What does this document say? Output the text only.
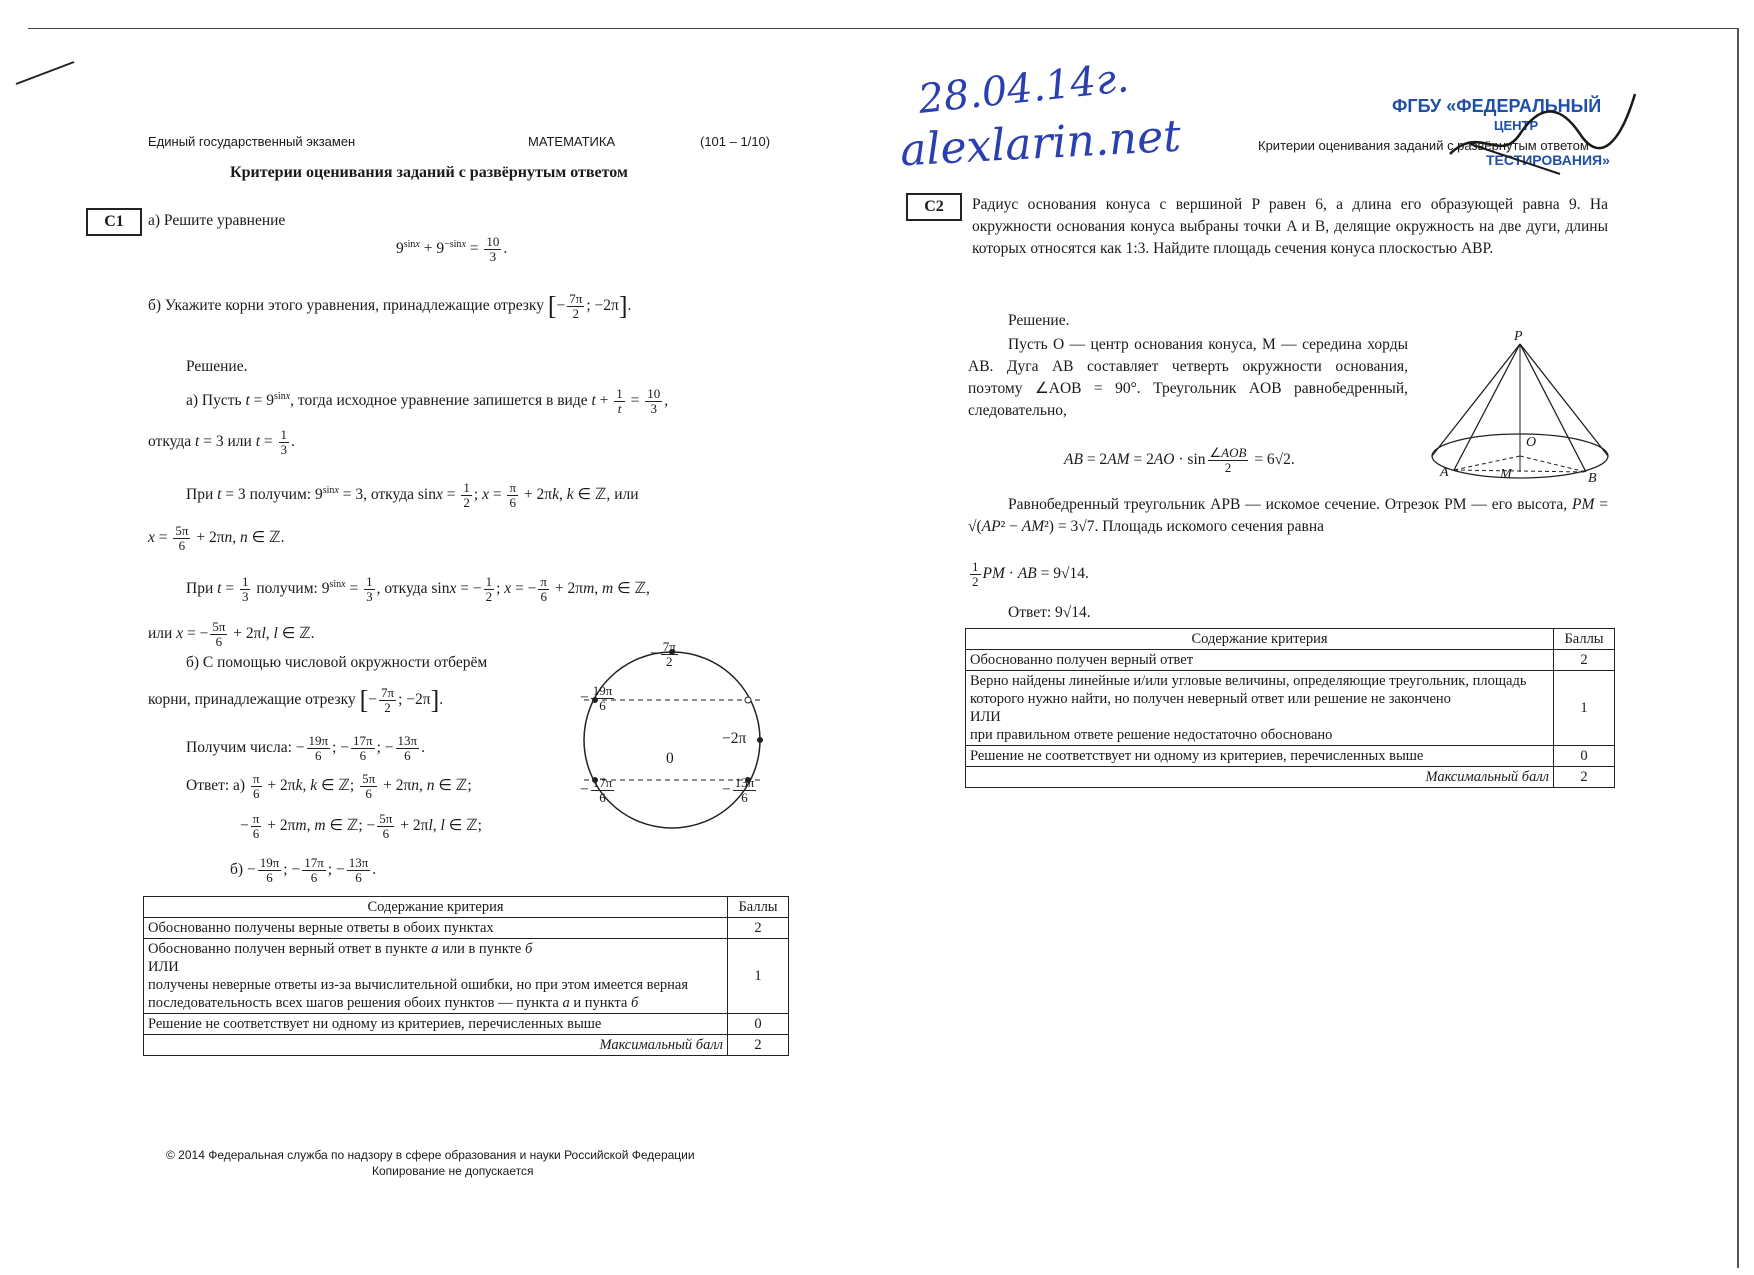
Единый государственный экзамен	МАТЕМАТИКА	(101 – 1/10)
Критерии оценивания заданий с развёрнутым ответом
С1	а) Решите уравнение
$9^{sinx} + 9^{-sinx} = \frac{10}{3}$ .
б) Укажите корни этого уравнения, принадлежащие отрезку [− $\frac{7\pi}{2}$ ; −2π].
Решение.
а) Пусть $t = 9^{sinx}$, тогда исходное уравнение запишется в виде $t + \frac{1}{t} = \frac{10}{3}$ ,
откуда t = 3 или $t = \frac{1}{3}$ .
При t = 3 получим: $9^{sinx} = 3$, откуда $\sin x = \frac{1}{2}$ ; $x = \frac{\pi}{6} + 2\pi k$, k ∈ ℤ, или
$x = \frac{5\pi}{6} + 2\pi n$, n ∈ ℤ.
При $t = \frac{1}{3}$ получим: $9^{sinx} = \frac{1}{3}$ , откуда sinx = − $\frac{1}{2}$ ; x = − $\frac{\pi}{6} + 2\pi m$, m ∈ ℤ,
или x = − $\frac{5\pi}{6} + 2\pi l$, l ∈ ℤ.
б) С помощью числовой окружности отберём
корни, принадлежащие отрезку [− $\frac{7\pi}{2}$ ; −2π].
Получим числа: − $\frac{19\pi}{6}$ ; − $\frac{17\pi}{6}$ ; − $\frac{13\pi}{6}$ .
Ответ: $а) \frac{\pi}{6} + 2\pi k$, k ∈ ℤ; $\frac{5\pi}{6} + 2\pi n$, n ∈ ℤ;
− $\frac{\pi}{6} + 2\pi m$, m ∈ ℤ; − $\frac{5\pi}{6} + 2\pi l$, l ∈ ℤ;
$б) - \frac{19\pi}{6}$ ; − $\frac{17\pi}{6}$ ; − $\frac{13\pi}{6}$ .
− $\frac{7\pi}{2}$
− $\frac{19\pi}{6}$
−2π
0
− $\frac{17\pi}{6}$	− $\frac{13\pi}{6}$
Содержание критерия	Баллы
Обоснованно получены верные ответы в обоих пунктах	2
Обоснованно получен верный ответ в пункте а или в пункте б
ИЛИ
получены неверные ответы из-за вычислительной ошибки, но при этом имеется верная последовательность всех шагов решения обоих пунктов — пункта а и пункта б	1
Решение не соответствует ни одному из критериев, перечисленных выше	0
Максимальный балл	2
© 2014 Федеральная служба по надзору в сфере образования и науки Российской Федерации
Копирование не допускается
28.04.14г.
alexlarin.net
ФГБУ «ФЕДЕРАЛЬНЫЙ
ЦЕНТР
ТЕСТИРОВАНИЯ»
Критерии оценивания заданий с развёрнутым ответом
С2	Радиус основания конуса с вершиной P равен 6, а длина его образующей равна 9. На окружности основания конуса выбраны точки A и B, делящие окружность на две дуги, длины которых относятся как 1:3. Найдите площадь сечения конуса плоскостью ABP.
Решение.
Пусть O — центр основания конуса, M — середина хорды AB. Дуга AB составляет четверть окружности основания, поэтому ∠AOB = 90°. Треугольник AOB равнобедренный, следовательно,
AB = $2AM = 2AO \cdot \sin \frac{\text{∠AOB}}{2} = 6√2$.
P
O
A	M	B
Равнобедренный треугольник APB — искомое сечение. Отрезок PM — его высота, PM = √(AP² − AM²) = 3√7. Площадь искомого сечения равна
$\frac{1}{2}$ PM · AB = 9√14.
Ответ: 9√14.
Содержание критерия	Баллы
Обоснованно получен верный ответ	2
Верно найдены линейные и/или угловые величины, определяющие треугольник, площадь которого нужно найти, но получен неверный ответ или решение не закончено
ИЛИ
при правильном ответе решение недостаточно обосновано	1
Решение не соответствует ни одному из критериев, перечисленных выше	0
Максимальный балл	2
